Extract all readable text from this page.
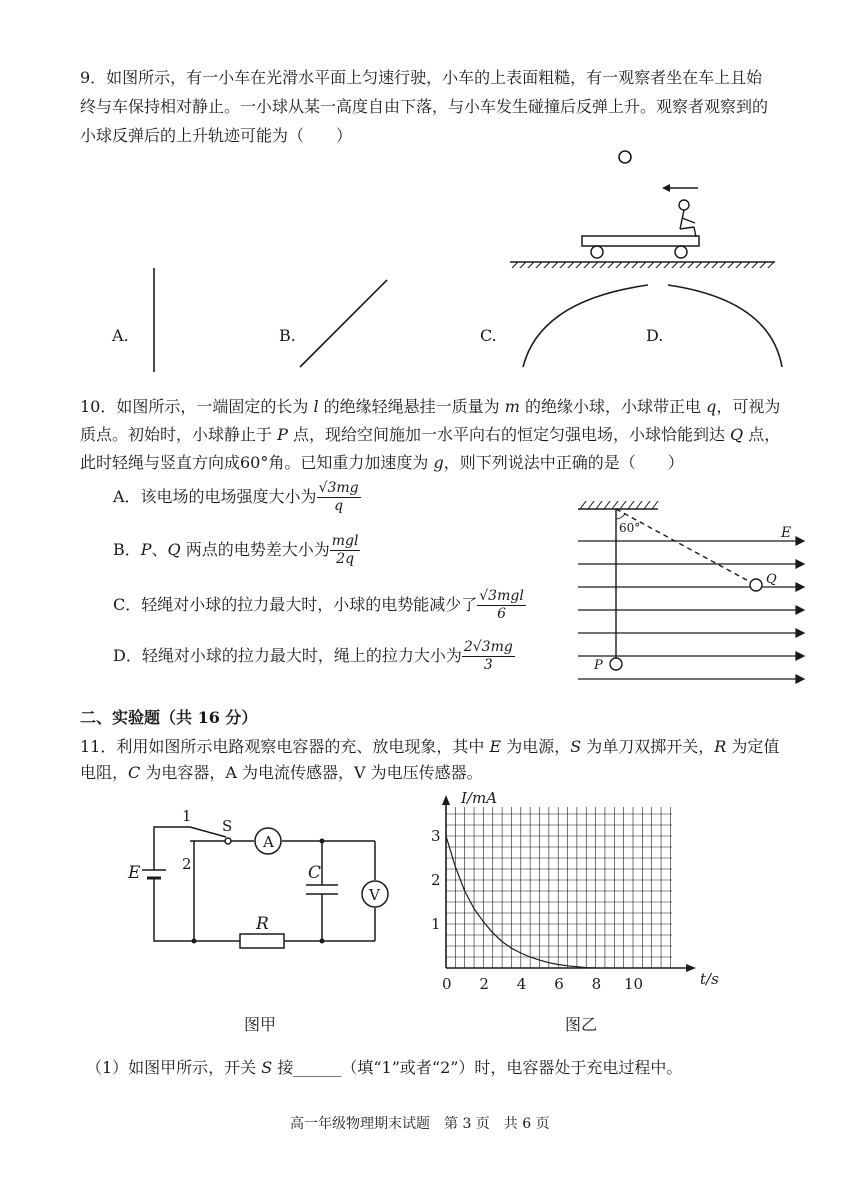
9．如图所示，有一小车在光滑水平面上匀速行驶，小车的上表面粗糙，有一观察者坐在车上且始
终与车保持相对静止。一小球从某一高度自由下落，与小车发生碰撞后反弹上升。观察者观察到的
小球反弹后的上升轨迹可能为（　　）
A.	B.	C.	D.
10．如图所示，一端固定的长为 l 的绝缘轻绳悬挂一质量为 m 的绝缘小球，小球带正电 q，可视为
质点。初始时，小球静止于 P 点，现给空间施加一水平向右的恒定匀强电场，小球恰能到达 Q 点，
此时轻绳与竖直方向成60°角。已知重力加速度为 g，则下列说法中正确的是（　　）
A．该电场的电场强度大小为 $\frac{√3mg}{q}$
B．P、Q 两点的电势差大小为 $\frac{\text{mgl}}{2q}$
C．轻绳对小球的拉力最大时，小球的电势能减少了 $\frac{\text{√3mgl}}{6}$
D．轻绳对小球的拉力最大时，绳上的拉力大小为 $\frac{2√3mg}{3}$
60°	E
Q
P
二、实验题（共 16 分）
11．利用如图所示电路观察电容器的充、放电现象，其中 E 为电源，S 为单刀双掷开关，R 为定值
电阻，C 为电容器，A 为电流传感器，V 为电压传感器。
1
2
S
A
V
E	C
R
图甲
0 2 4 6 8 10
1
2
3
I/mA
t/s
图乙
（1）如图甲所示，开关 S 接______（填“1”或者“2”）时，电容器处于充电过程中。
高一年级物理期末试题　第 3 页　共 6 页
